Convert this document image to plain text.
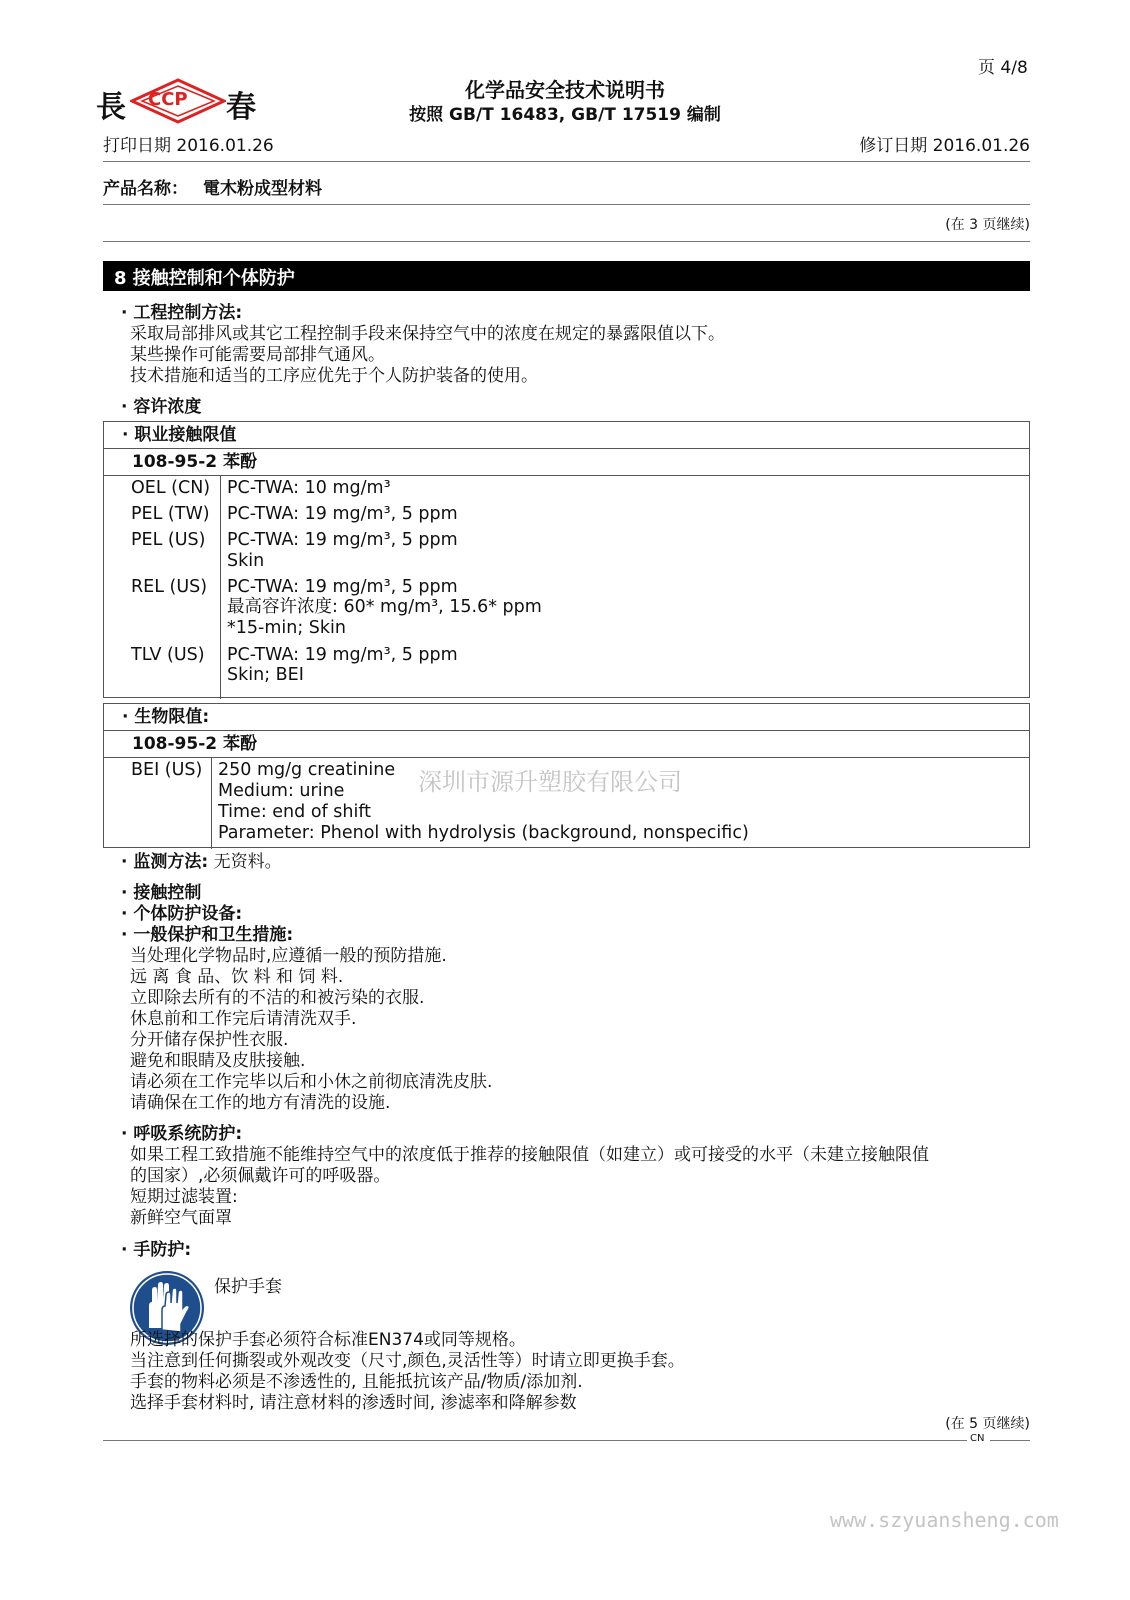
页 4/8
長 CCP 春	化学品安全技术说明书
按照 GB/T 16483, GB/T 17519 编制
打印日期 2016.01.26	修订日期 2016.01.26
产品名称： 電木粉成型材料
(在 3 页继续)
8 接触控制和个体防护
· 工程控制方法:
采取局部排风或其它工程控制手段来保持空气中的浓度在规定的暴露限值以下。
某些操作可能需要局部排气通风。
技术措施和适当的工序应优先于个人防护装备的使用。
· 容许浓度
· 职业接触限值
108-95-2 苯酚
OEL (CN) PC-TWA: 10 mg/m³
PEL (TW) PC-TWA: 19 mg/m³, 5 ppm
PEL (US) PC-TWA: 19 mg/m³, 5 ppm
Skin
REL (US) PC-TWA: 19 mg/m³, 5 ppm
最高容许浓度: 60* mg/m³, 15.6* ppm
*15-min; Skin
TLV (US) PC-TWA: 19 mg/m³, 5 ppm
Skin; BEI
· 生物限值:
108-95-2 苯酚
BEI (US) 250 mg/g creatinine
Medium: urine
Time: end of shift
Parameter: Phenol with hydrolysis (background, nonspecific)
深圳市源升塑胶有限公司
· 监测方法: 无资料。
· 接触控制
· 个体防护设备:
· 一般保护和卫生措施:
当处理化学物品时,应遵循一般的预防措施.
远 离 食 品、饮 料 和 饲 料.
立即除去所有的不洁的和被污染的衣服.
休息前和工作完后请清洗双手.
分开储存保护性衣服.
避免和眼睛及皮肤接触.
请必须在工作完毕以后和小休之前彻底清洗皮肤.
请确保在工作的地方有清洗的设施.
· 呼吸系统防护:
如果工程工致措施不能维持空气中的浓度低于推荐的接触限值（如建立）或可接受的水平（未建立接触限值
的国家）,必须佩戴许可的呼吸器。
短期过滤装置:
新鲜空气面罩
· 手防护:
保护手套
所选择的保护手套必须符合标准EN374或同等规格。
当注意到任何撕裂或外观改变（尺寸,颜色,灵活性等）时请立即更换手套。
手套的物料必须是不渗透性的, 且能抵抗该产品/物质/添加剂.
选择手套材料时, 请注意材料的渗透时间, 渗滤率和降解参数
(在 5 页继续)
CN
www.szyuansheng.com
